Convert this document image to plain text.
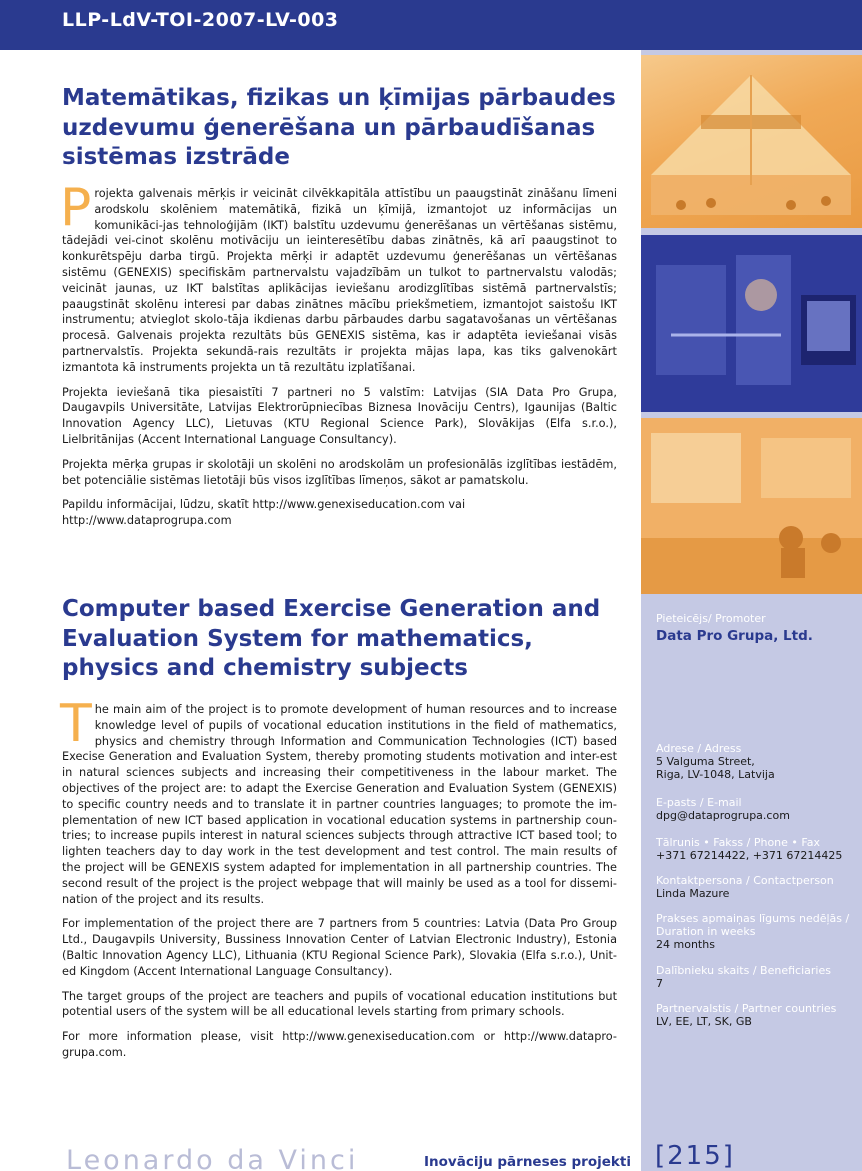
LLP-LdV-TOI-2007-LV-003
Matemātikas, fizikas un ķīmijas pārbaudes uzdevumu ģenerēšana un pārbaudīšanas sistēmas izstrāde

Projekta galvenais mērķis ir veicināt cilvēkkapitāla attīstību un paaugstināt zināšanu līmeni arodskolu skolēniem matemātikā, fizikā un ķīmijā, izmantojot uz informācijas un komunikāci-jas tehnoloģijām (IKT) balstītu uzdevumu ģenerēšanas un vērtēšanas sistēmu, tādejādi vei-cinot skolēnu motivāciju un ieinteresētību dabas zinātnēs, kā arī paaugstinot to konkurētspēju darba tirgū. Projekta mērķi ir adaptēt uzdevumu ģenerēšanas un vērtēšanas sistēmu (GENEXIS) specifiskām partnervalstu vajadzībām un tulkot to partnervalstu valodās; veicināt jaunas, uz IKT balstītas aplikācijas ieviešanu arodizglītības sistēmā partnervalstīs; paaugstināt skolēnu interesi par dabas zinātnes mācību priekšmetiem, izmantojot saistošu IKT instrumentu; atvieglot skolo-tāja ikdienas darbu pārbaudes darbu sagatavošanas un vērtēšanas procesā. Galvenais projekta rezultāts būs GENEXIS sistēma, kas ir adaptēta ieviešanai visās partnervalstīs. Projekta sekundā-rais rezultāts ir projekta mājas lapa, kas tiks galvenokārt izmantota kā instruments projekta un tā rezultātu izplatīšanai.

Projekta ieviešanā tika piesaistīti 7 partneri no 5 valstīm: Latvijas (SIA Data Pro Grupa, Daugavpils Universitāte, Latvijas Elektrorūpniecības Biznesa Inovāciju Centrs), Igaunijas (Baltic Innovation Agency LLC), Lietuvas (KTU Regional Science Park), Slovākijas (Elfa s.r.o.), Lielbritānijas (Accent International Language Consultancy).

Projekta mērķa grupas ir skolotāji un skolēni no arodskolām un profesionālās izglītības iestādēm, bet potenciālie sistēmas lietotāji būs visos izglītības līmeņos, sākot ar pamatskolu.

Papildu informācijai, lūdzu, skatīt http://www.genexiseducation.com vai http://www.dataprogrupa.com

Computer based Exercise Generation and Evaluation System for mathematics, physics and chemistry subjects

The main aim of the project is to promote development of human resources and to increase knowledge level of pupils of vocational education institutions in the field of mathematics, physics and chemistry through Information and Communication Technologies (ICT) based Execise Generation and Evaluation System, thereby promoting students motivation and inter-est in natural sciences subjects and increasing their competitiveness in the labour market. The objectives of the project are: to adapt the Exercise Generation and Evaluation System (GENEXIS) to specific country needs and to translate it in partner countries languages; to promote the im-plementation of new ICT based application in vocational education systems in partnership coun-tries; to increase pupils interest in natural sciences subjects through attractive ICT based tool; to lighten teachers day to day work in the test development and test control. The main results of the project will be GENEXIS system adapted for implementation in all partnership countries. The second result of the project is the project webpage that will mainly be used as a tool for dissemi-nation of the project and its results.

For implementation of the project there are 7 partners from 5 countries: Latvia (Data Pro Group Ltd., Daugavpils University, Bussiness Innovation Center of Latvian Electronic Industry), Estonia (Baltic Innovation Agency LLC), Lithuania (KTU Regional Science Park), Slovakia (Elfa s.r.o.), Unit-ed Kingdom (Accent International Language Consultancy).

The target groups of the project are teachers and pupils of vocational education institutions but potential users of the system will be all educational levels starting from primary schools.

For more information please, visit http://www.genexiseducation.com or http://www.datapro-grupa.com.

Pieteicējs/ Promoter
Data Pro Grupa, Ltd.
Adrese / Adress
5 Valguma Street,
Riga, LV-1048, Latvija
E-pasts / E-mail
dpg@dataprogrupa.com
Tālrunis • Fakss / Phone • Fax
+371 67214422, +371 67214425
Kontaktpersona / Contactperson
Linda Mazure
Prakses apmaiņas līgums nedēļās /
Duration in weeks
24 months
Dalībnieku skaits / Beneficiaries
7
Partnervalstis / Partner countries
LV, EE, LT, SK, GB
Leonardo da Vinci	Inovāciju pārneses projekti [215]
